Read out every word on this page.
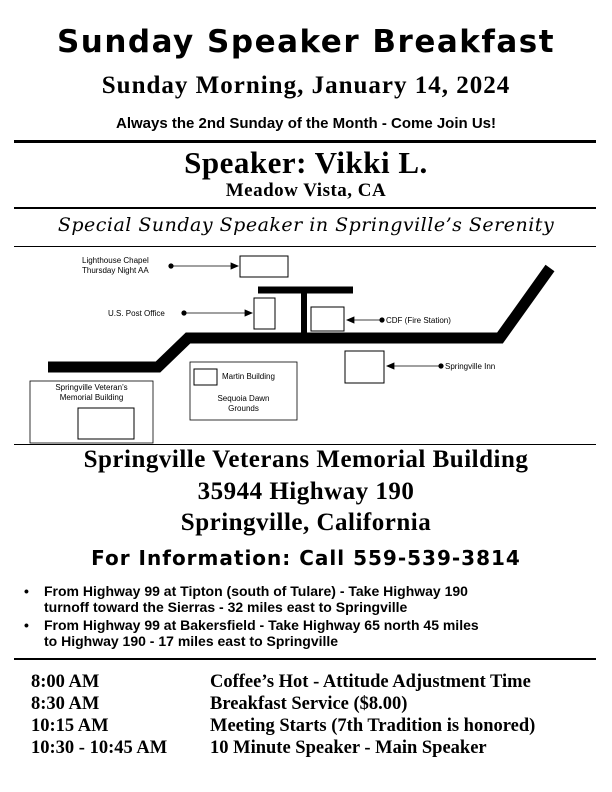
Sunday Speaker Breakfast
Sunday Morning, January 14, 2024
Always the 2nd Sunday of the Month - Come Join Us!
Speaker: Vikki L.
Meadow Vista, CA
Special Sunday Speaker in Springville’s Serenity
Lighthouse Chapel
Thursday Night AA
U.S. Post Office
CDF (Fire Station)
Springville Inn
Martin Building
Sequoia Dawn
Grounds
Springville Veteran’s
Memorial Building
Springville Veterans Memorial Building
35944 Highway 190
Springville, California
For Information: Call 559-539-3814
• From Highway 99 at Tipton (south of Tulare) - Take Highway 190
turnoff toward the Sierras - 32 miles east to Springville
• From Highway 99 at Bakersfield - Take Highway 65 north 45 miles
to Highway 190 - 17 miles east to Springville
8:00 AM	Coffee’s Hot - Attitude Adjustment Time
8:30 AM	Breakfast Service ($8.00)
10:15 AM	Meeting Starts (7th Tradition is honored)
10:30 - 10:45 AM 10 Minute Speaker - Main Speaker
